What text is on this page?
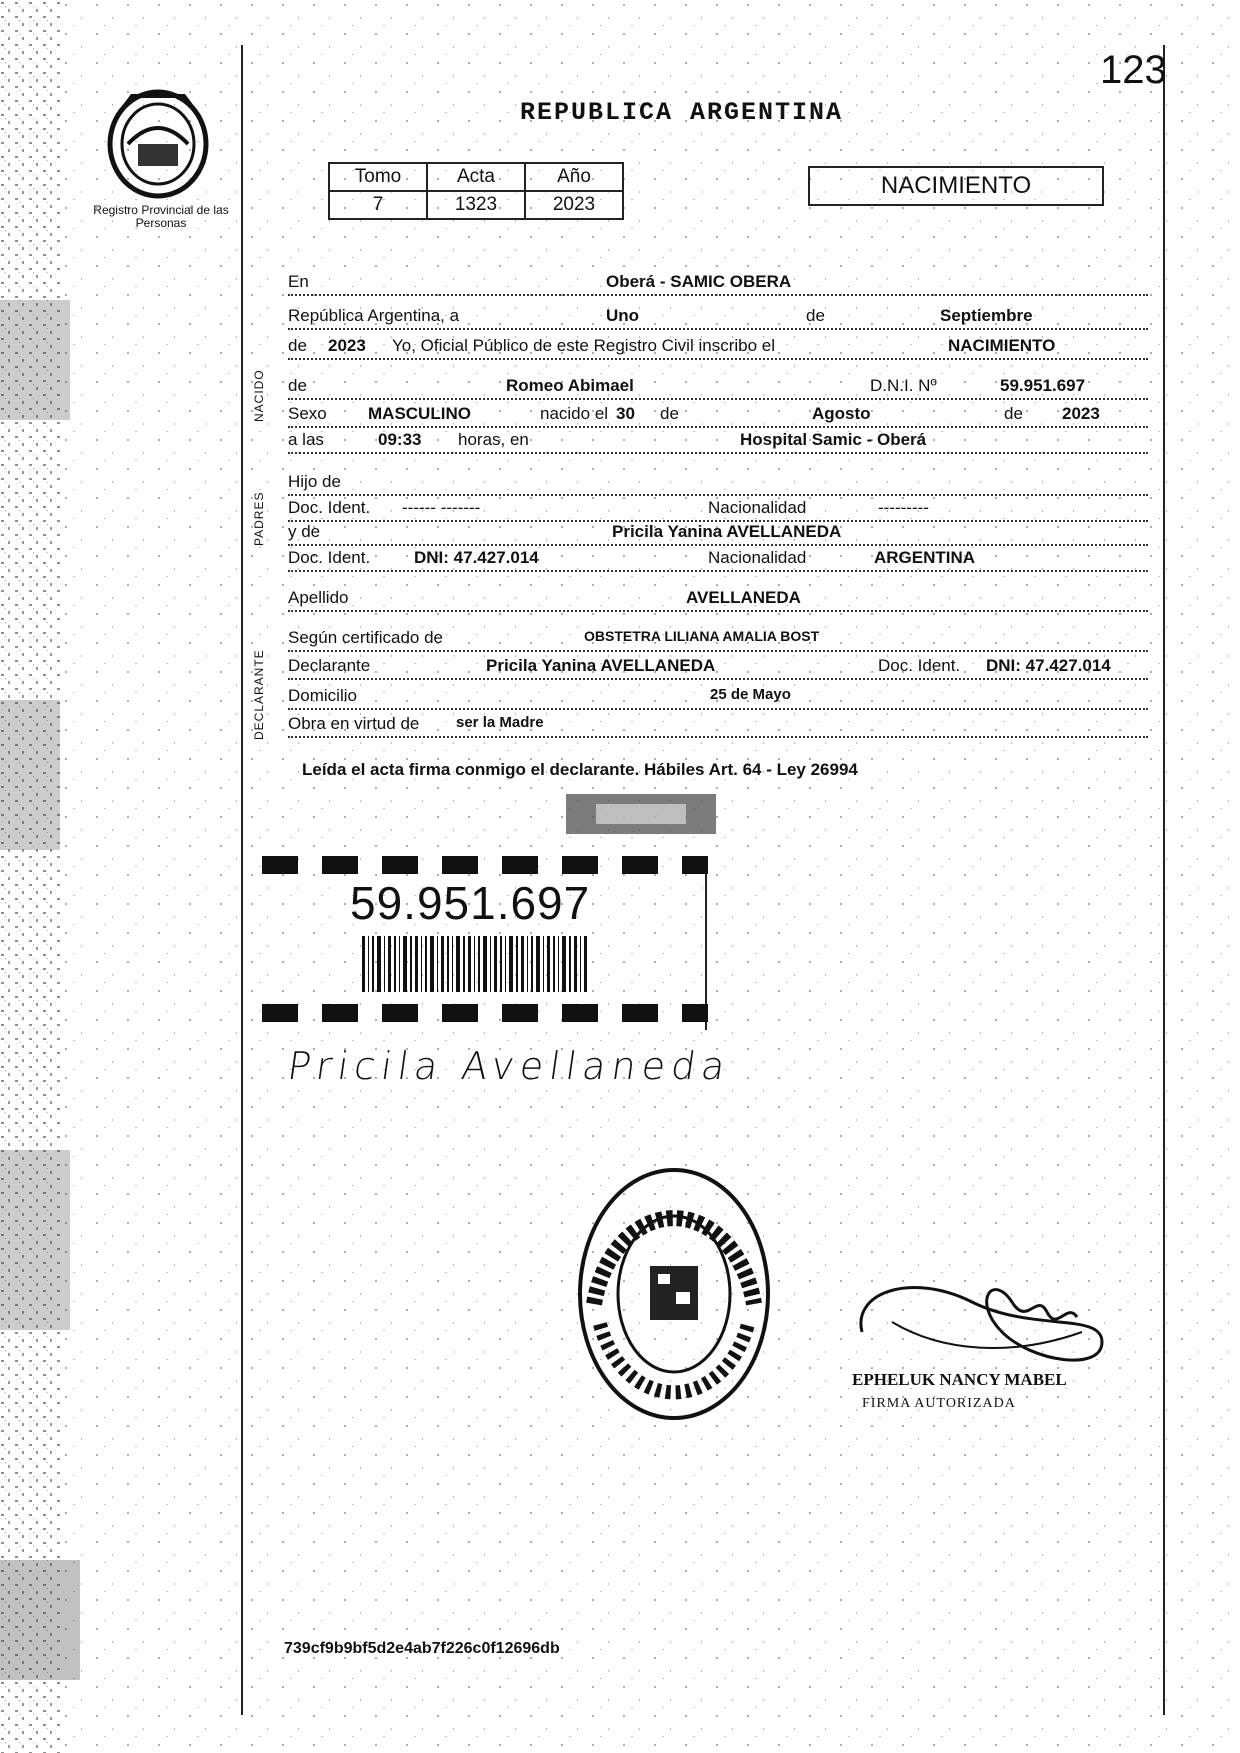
Registro Provincial de las Personas
123
REPUBLICA ARGENTINA
Tomo	Acta	Año
7	1323	2023
NACIMIENTO
En	Oberá - SAMIC OBERA
República Argentina, a	Uno	de	Septiembre
de 2023 Yo, Oficial Público de este Registro Civil inscribo el	NACIMIENTO
NACIDO de	Romeo Abimael	D.N.I. Nº	59.951.697
Sexo MASCULINO	nacido el 30 de	Agosto	de 2023
a las	09:33 horas, en	Hospital Samic - Oberá
PADRES
Hijo de
Doc. Ident. ------ -------	Nacionalidad	---------
y de	Pricila Yanina AVELLANEDA
Doc. Ident.	DNI: 47.427.014	Nacionalidad	ARGENTINA
Apellido	AVELLANEDA
DECLARANTE
Según certificado de	OBSTETRA LILIANA AMALIA BOST
Declarante	Pricila Yanina AVELLANEDA	Doc. Ident. DNI: 47.427.014
Domicilio	25 de Mayo
Obra en virtud de ser la Madre
Leída el acta firma conmigo el declarante. Hábiles Art. 64 - Ley 26994
59.951.697
Pricila Avellaneda
EPHELUK NANCY MABEL
FIRMA AUTORIZADA
739cf9b9bf5d2e4ab7f226c0f12696db
